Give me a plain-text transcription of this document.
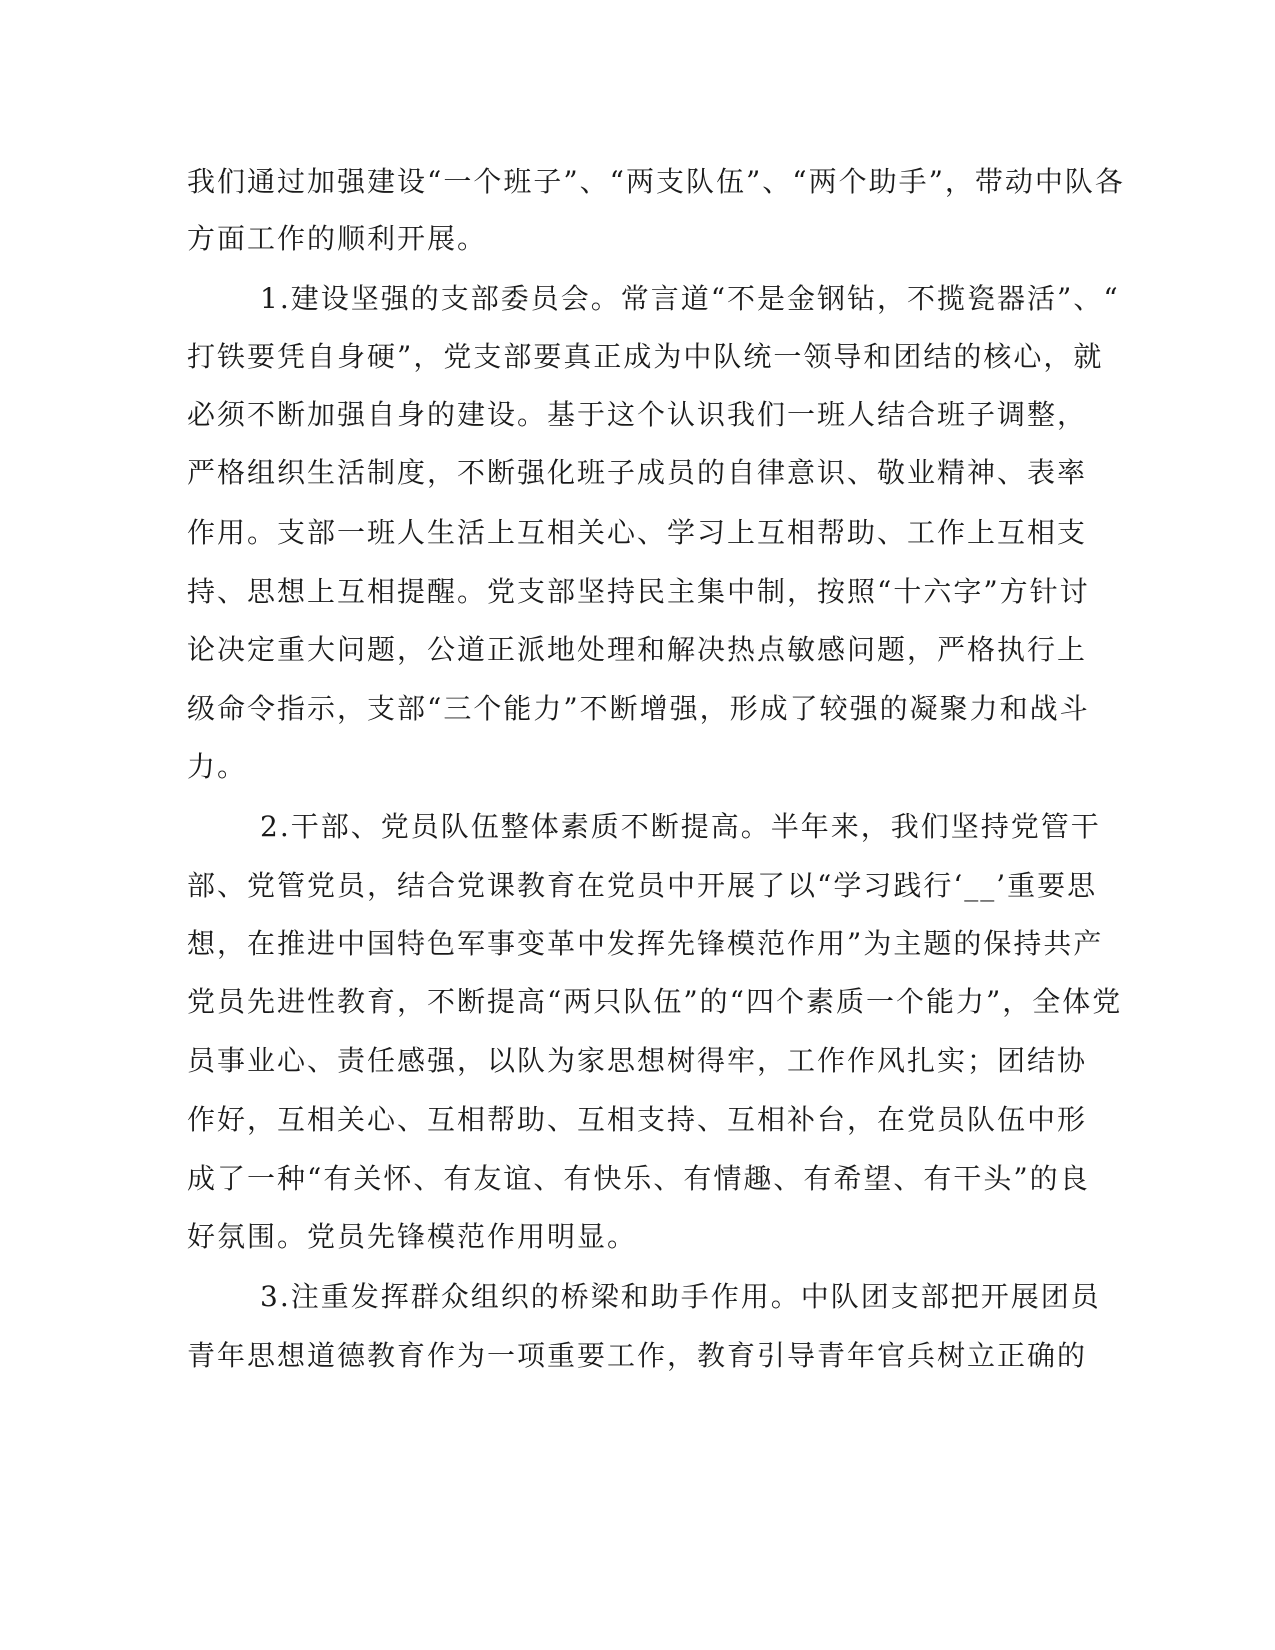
我们通过加强建设“一个班子”、“两支队伍”、“两个助手”，带动中队各
方面工作的顺利开展。
1.建设坚强的支部委员会。常言道“不是金钢钻，不揽瓷器活”、“
打铁要凭自身硬”，党支部要真正成为中队统一领导和团结的核心，就
必须不断加强自身的建设。基于这个认识我们一班人结合班子调整，
严格组织生活制度，不断强化班子成员的自律意识、敬业精神、表率
作用。支部一班人生活上互相关心、学习上互相帮助、工作上互相支
持、思想上互相提醒。党支部坚持民主集中制，按照“十六字”方针讨
论决定重大问题，公道正派地处理和解决热点敏感问题，严格执行上
级命令指示，支部“三个能力”不断增强，形成了较强的凝聚力和战斗
力。
2.干部、党员队伍整体素质不断提高。半年来，我们坚持党管干
部、党管党员，结合党课教育在党员中开展了以“学习践行‘__’重要思
想，在推进中国特色军事变革中发挥先锋模范作用”为主题的保持共产
党员先进性教育，不断提高“两只队伍”的“四个素质一个能力”，全体党
员事业心、责任感强，以队为家思想树得牢，工作作风扎实；团结协
作好，互相关心、互相帮助、互相支持、互相补台，在党员队伍中形
成了一种“有关怀、有友谊、有快乐、有情趣、有希望、有干头”的良
好氛围。党员先锋模范作用明显。
3.注重发挥群众组织的桥梁和助手作用。中队团支部把开展团员
青年思想道德教育作为一项重要工作，教育引导青年官兵树立正确的
